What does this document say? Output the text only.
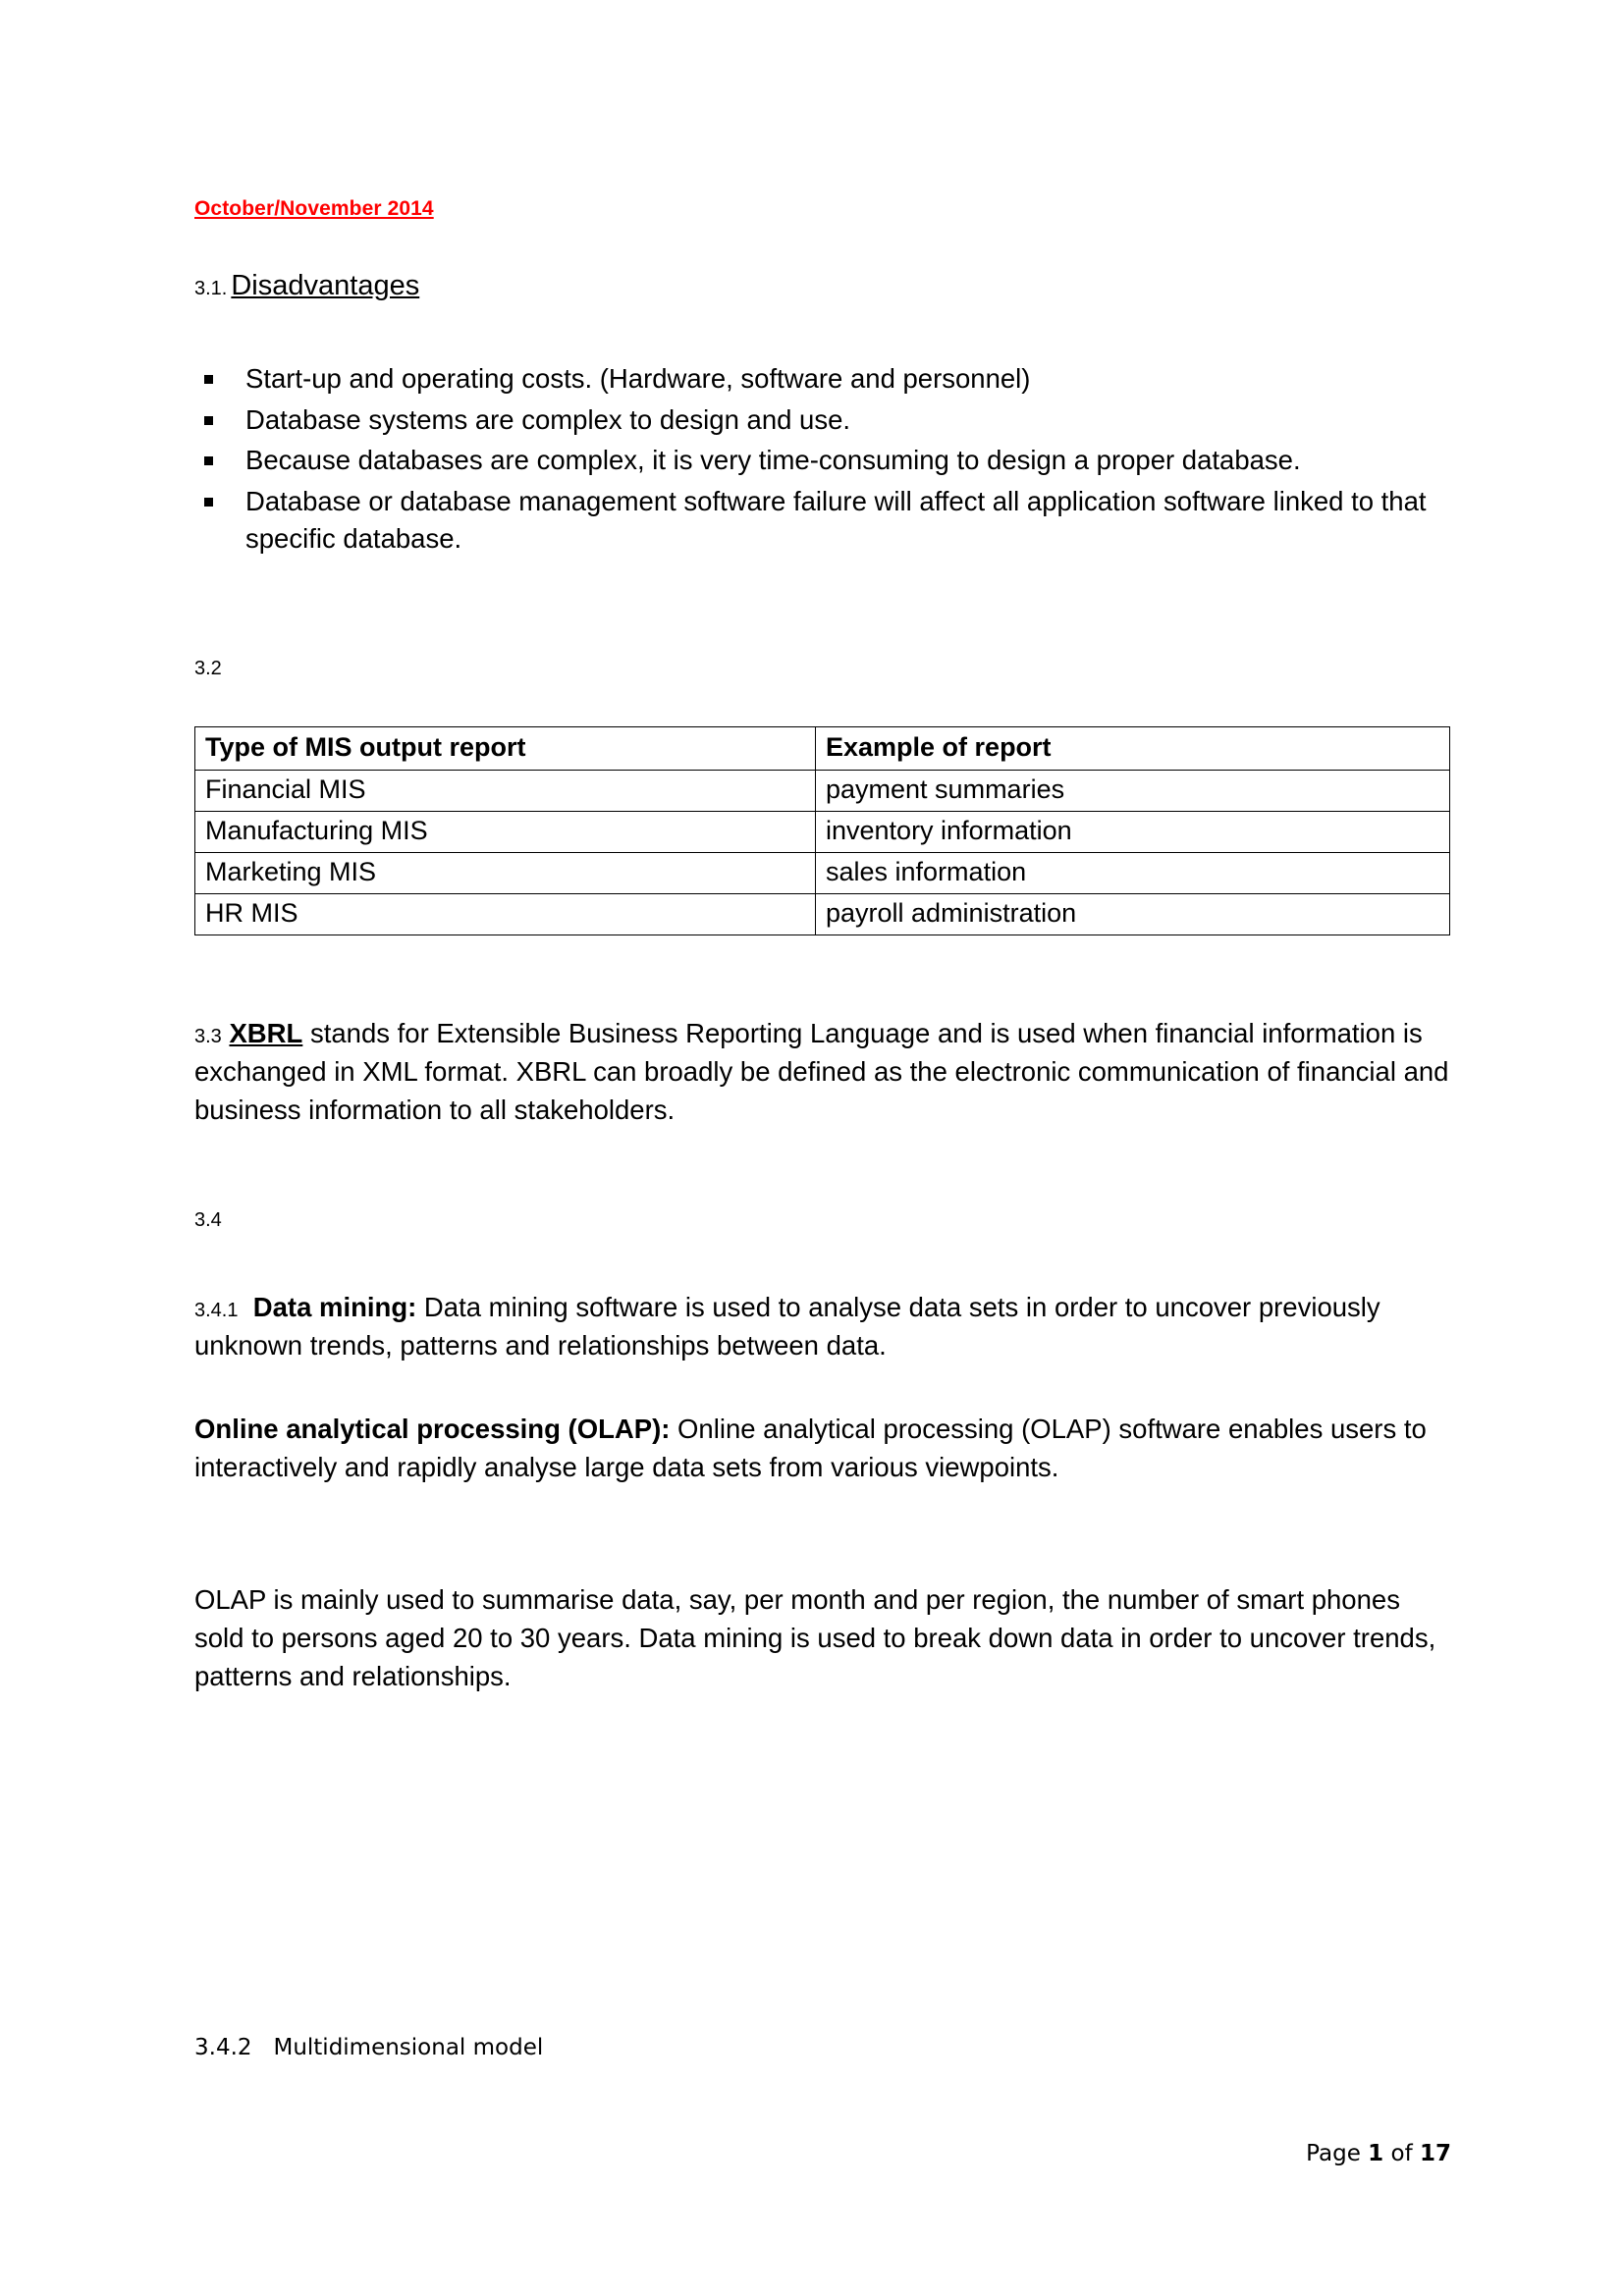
October/November 2014
3.1. Disadvantages
Start-up and operating costs. (Hardware, software and personnel)
Database systems are complex to design and use.
Because databases are complex, it is very time-consuming to design a proper database.
Database or database management software failure will affect all application software linked to that specific database.

3.2

Type of MIS output report	Example of report
Financial MIS	payment summaries
Manufacturing MIS	inventory information
Marketing MIS	sales information
HR MIS	payroll administration

3.3 XBRL stands for Extensible Business Reporting Language and is used when financial information is exchanged in XML format. XBRL can broadly be defined as the electronic communication of financial and business information to all stakeholders.

3.4

3.4.1 Data mining: Data mining software is used to analyse data sets in order to uncover previously unknown trends, patterns and relationships between data.

Online analytical processing (OLAP): Online analytical processing (OLAP) software enables users to interactively and rapidly analyse large data sets from various viewpoints.

OLAP is mainly used to summarise data, say, per month and per region, the number of smart phones sold to persons aged 20 to 30 years. Data mining is used to break down data in order to uncover trends, patterns and relationships.

3.4.2 Multidimensional model

Page 1 of 17
